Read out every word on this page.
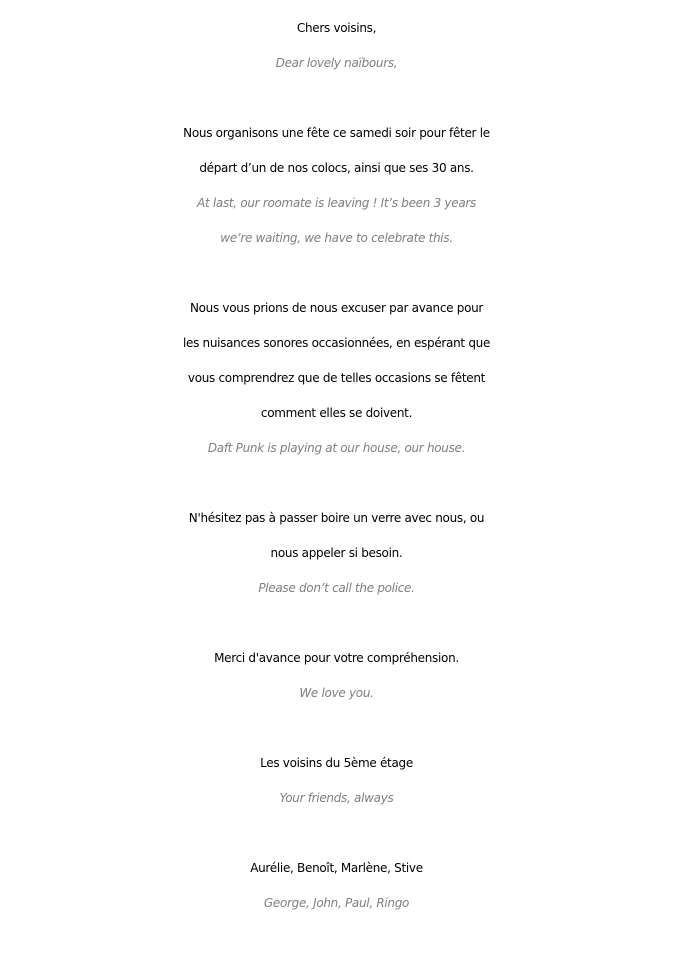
Chers voisins,
Dear lovely naïbours,
Nous organisons une fête ce samedi soir pour fêter le
départ d’un de nos colocs, ainsi que ses 30 ans.
At last, our roomate is leaving ! It’s been 3 years
we’re waiting, we have to celebrate this.
Nous vous prions de nous excuser par avance pour
les nuisances sonores occasionnées, en espérant que
vous comprendrez que de telles occasions se fêtent
comment elles se doivent.
Daft Punk is playing at our house, our house.
N'hésitez pas à passer boire un verre avec nous, ou
nous appeler si besoin.
Please don’t call the police.
Merci d'avance pour votre compréhension.
We love you.
Les voisins du 5ème étage
Your friends, always
Aurélie, Benoît, Marlène, Stive
George, John, Paul, Ringo
